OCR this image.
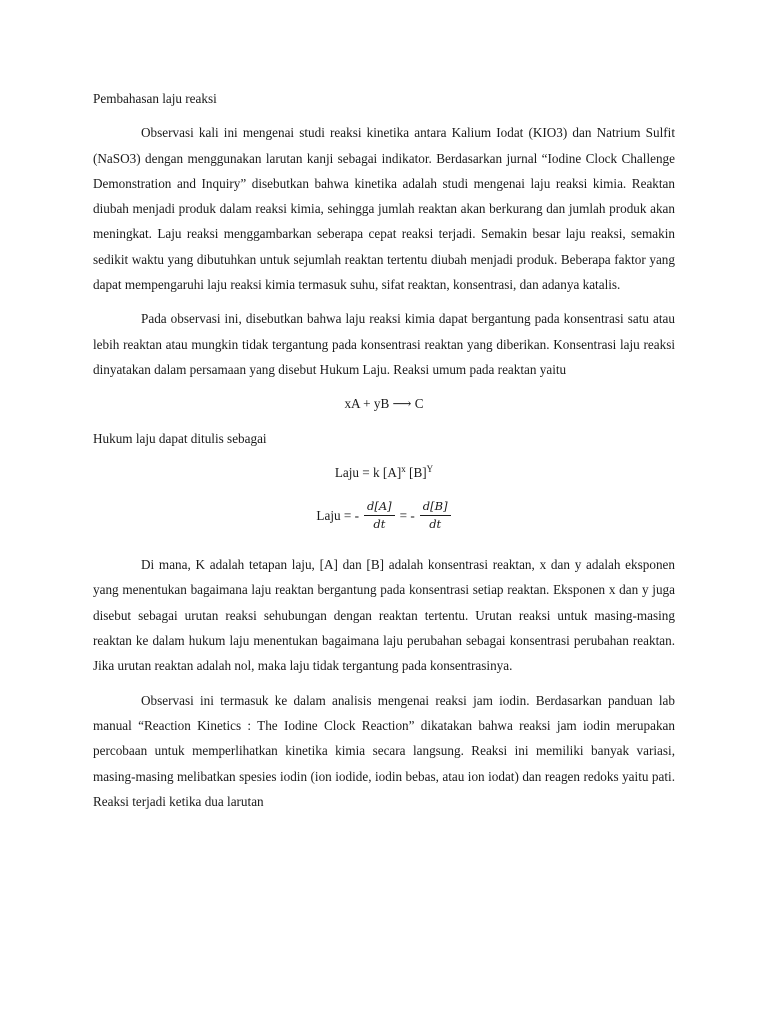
Pembahasan laju reaksi

Observasi kali ini mengenai studi reaksi kinetika antara Kalium Iodat (KIO3) dan Natrium Sulfit (NaSO3) dengan menggunakan larutan kanji sebagai indikator. Berdasarkan jurnal “Iodine Clock Challenge Demonstration and Inquiry” disebutkan bahwa kinetika adalah studi mengenai laju reaksi kimia. Reaktan diubah menjadi produk dalam reaksi kimia, sehingga jumlah reaktan akan berkurang dan jumlah produk akan meningkat. Laju reaksi menggambarkan seberapa cepat reaksi terjadi. Semakin besar laju reaksi, semakin sedikit waktu yang dibutuhkan untuk sejumlah reaktan tertentu diubah menjadi produk. Beberapa faktor yang dapat mempengaruhi laju reaksi kimia termasuk suhu, sifat reaktan, konsentrasi, dan adanya katalis.

Pada observasi ini, disebutkan bahwa laju reaksi kimia dapat bergantung pada konsentrasi satu atau lebih reaktan atau mungkin tidak tergantung pada konsentrasi reaktan yang diberikan. Konsentrasi laju reaksi dinyatakan dalam persamaan yang disebut Hukum Laju. Reaksi umum pada reaktan yaitu

xA + yB ⟶ C

Hukum laju dapat ditulis sebagai

Laju = k $[A]^x$ $[B]^Y$

Laju = - $\frac{d[A]}{dt}$ = - $\frac{d[B]}{dt}$

Di mana, K adalah tetapan laju, [A] dan [B] adalah konsentrasi reaktan, x dan y adalah eksponen yang menentukan bagaimana laju reaktan bergantung pada konsentrasi setiap reaktan. Eksponen x dan y juga disebut sebagai urutan reaksi sehubungan dengan reaktan tertentu. Urutan reaksi untuk masing-masing reaktan ke dalam hukum laju menentukan bagaimana laju perubahan sebagai konsentrasi perubahan reaktan. Jika urutan reaktan adalah nol, maka laju tidak tergantung pada konsentrasinya.

Observasi ini termasuk ke dalam analisis mengenai reaksi jam iodin. Berdasarkan panduan lab manual “Reaction Kinetics : The Iodine Clock Reaction” dikatakan bahwa reaksi jam iodin merupakan percobaan untuk memperlihatkan kinetika kimia secara langsung. Reaksi ini memiliki banyak variasi, masing-masing melibatkan spesies iodin (ion iodide, iodin bebas, atau ion iodat) dan reagen redoks yaitu pati. Reaksi terjadi ketika dua larutan
